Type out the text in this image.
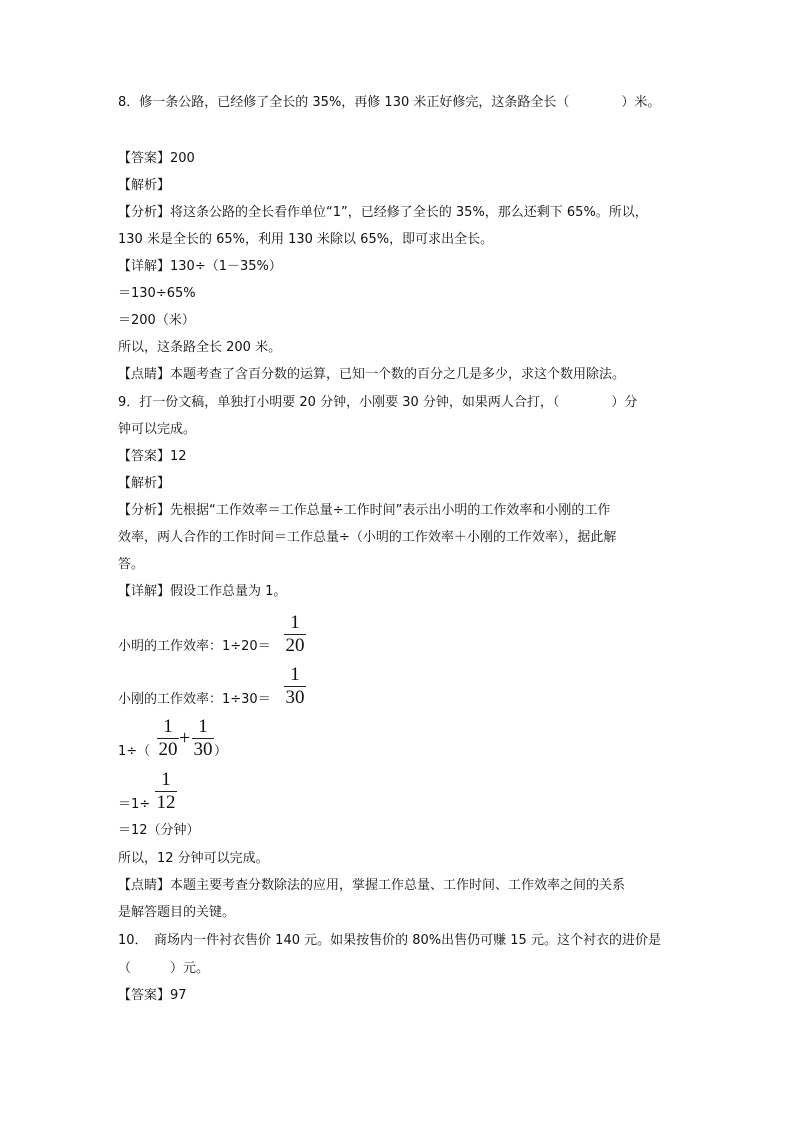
8．修一条公路，已经修了全长的 35%，再修 130 米正好修完，这条路全长（　　　　）米。
【答案】200
【解析】
【分析】将这条公路的全长看作单位“1”，已经修了全长的 35%，那么还剩下 65%。所以，
130 米是全长的 65%，利用 130 米除以 65%，即可求出全长。
【详解】130÷（1－35%）
＝130÷65%
＝200（米）
所以，这条路全长 200 米。
【点睛】本题考查了含百分数的运算，已知一个数的百分之几是多少，求这个数用除法。
9．打一份文稿，单独打小明要 20 分钟，小刚要 30 分钟，如果两人合打，（　　　　）分
钟可以完成。
【答案】12
【解析】
【分析】先根据“工作效率＝工作总量÷工作时间”表示出小明的工作效率和小刚的工作
效率，两人合作的工作时间＝工作总量÷（小明的工作效率＋小刚的工作效率），据此解
答。
【详解】假设工作总量为 1。
小明的工作效率：1÷20＝
1
20
小刚的工作效率：1÷30＝
1
30
1÷（
1
20
+
1
30 ）
＝1÷
1
12
＝12（分钟）
所以，12 分钟可以完成。
【点睛】本题主要考查分数除法的应用，掌握工作总量、工作时间、工作效率之间的关系
是解答题目的关键。
10．　商场内一件衬衣售价 140 元。如果按售价的 80%出售仍可赚 15 元。这个衬衣的进价是
（　　　）元。
【答案】97
